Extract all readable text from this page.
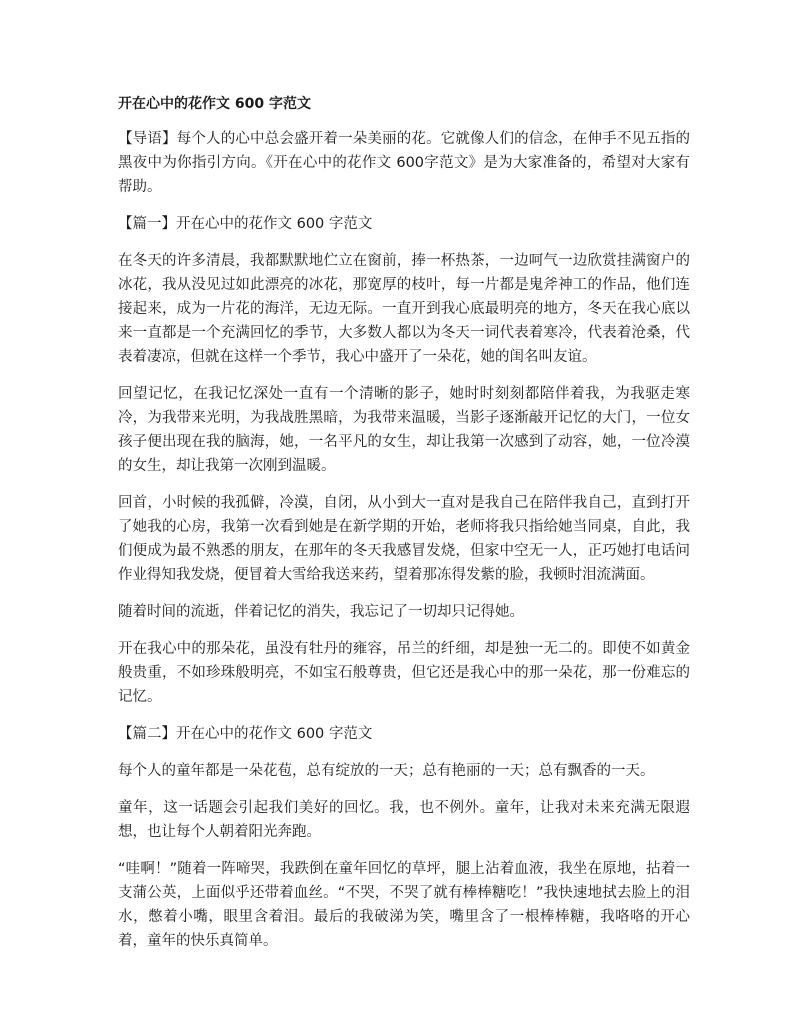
开在心中的花作文 600 字范文

【导语】每个人的心中总会盛开着一朵美丽的花。它就像人们的信念，在伸手不见五指的黑夜中为你指引方向。《开在心中的花作文 600字范文》是为大家准备的，希望对大家有帮助。

【篇一】开在心中的花作文 600 字范文

在冬天的许多清晨，我都默默地伫立在窗前，捧一杯热茶，一边呵气一边欣赏挂满窗户的冰花，我从没见过如此漂亮的冰花，那宽厚的枝叶，每一片都是鬼斧神工的作品，他们连接起来，成为一片花的海洋，无边无际。一直开到我心底最明亮的地方，冬天在我心底以来一直都是一个充满回忆的季节，大多数人都以为冬天一词代表着寒冷，代表着沧桑，代表着凄凉，但就在这样一个季节，我心中盛开了一朵花，她的闺名叫友谊。

回望记忆，在我记忆深处一直有一个清晰的影子，她时时刻刻都陪伴着我，为我驱走寒冷，为我带来光明，为我战胜黑暗，为我带来温暖，当影子逐渐敲开记忆的大门，一位女孩子便出现在我的脑海，她，一名平凡的女生，却让我第一次感到了动容，她，一位冷漠的女生，却让我第一次刚到温暖。

回首，小时候的我孤僻，冷漠，自闭，从小到大一直对是我自己在陪伴我自己，直到打开了她我的心房，我第一次看到她是在新学期的开始，老师将我只指给她当同桌，自此，我们便成为最不熟悉的朋友，在那年的冬天我感冒发烧，但家中空无一人，正巧她打电话问作业得知我发烧，便冒着大雪给我送来药，望着那冻得发紫的脸，我顿时泪流满面。

随着时间的流逝，伴着记忆的消失，我忘记了一切却只记得她。

开在我心中的那朵花，虽没有牡丹的雍容，吊兰的纤细，却是独一无二的。即使不如黄金般贵重，不如珍珠般明亮，不如宝石般尊贵，但它还是我心中的那一朵花，那一份难忘的记忆。

【篇二】开在心中的花作文 600 字范文

每个人的童年都是一朵花苞，总有绽放的一天；总有艳丽的一天；总有飘香的一天。

童年，这一话题会引起我们美好的回忆。我，也不例外。童年，让我对未来充满无限遐想，也让每个人朝着阳光奔跑。

“哇啊！”随着一阵啼哭，我跌倒在童年回忆的草坪，腿上沾着血液，我坐在原地，拈着一支蒲公英，上面似乎还带着血丝。“不哭，不哭了就有棒棒糖吃！”我快速地拭去脸上的泪水，憋着小嘴，眼里含着泪。最后的我破涕为笑，嘴里含了一根棒棒糖，我咯咯的开心着，童年的快乐真简单。
